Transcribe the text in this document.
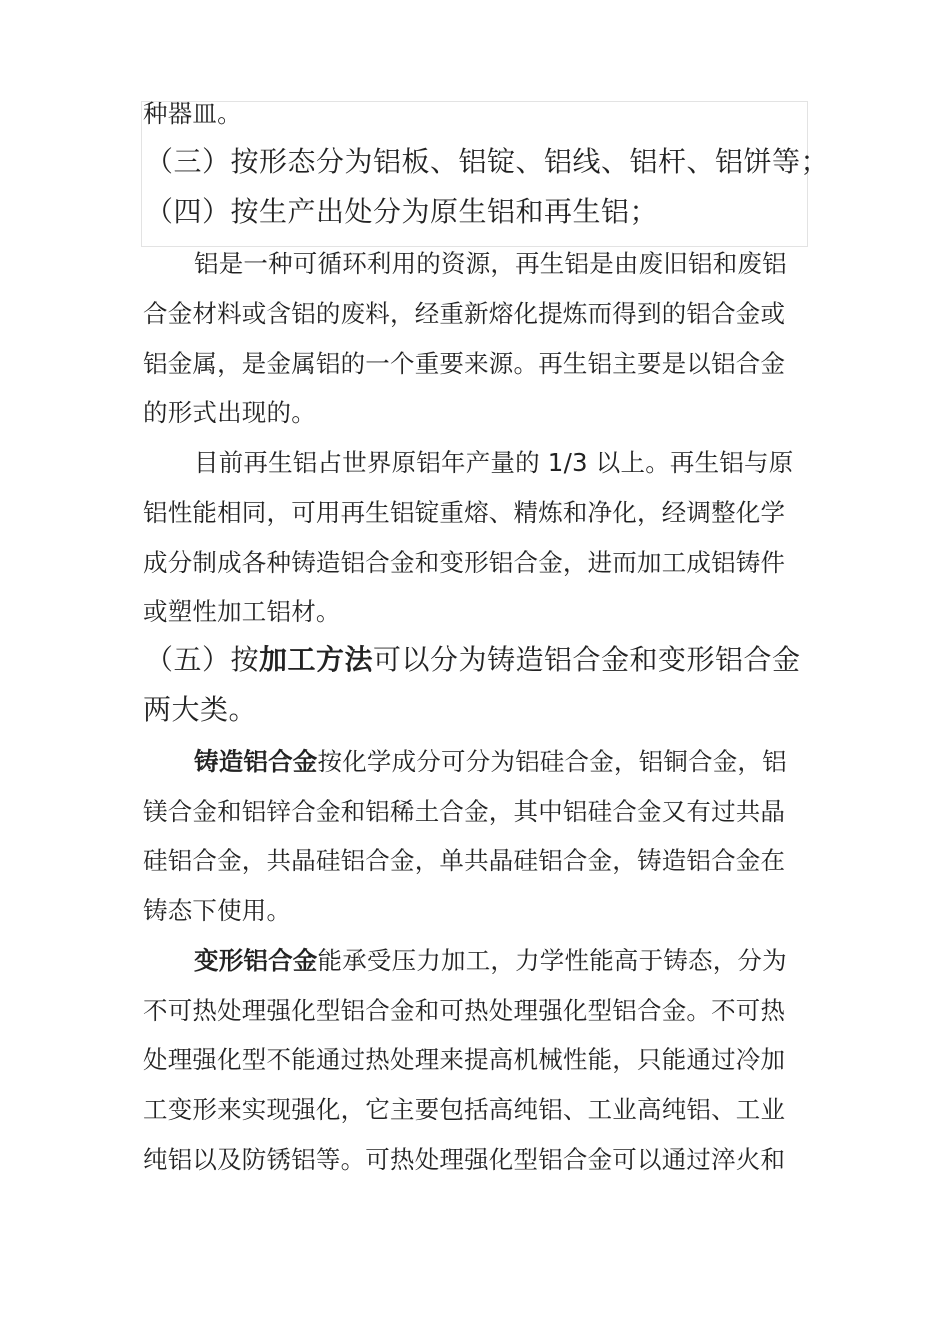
种器皿。

（三）按形态分为铝板、铝锭、铝线、铝杆、铝饼等；

（四）按生产出处分为原生铝和再生铝；

铝是一种可循环利用的资源，再生铝是由废旧铝和废铝

合金材料或含铝的废料，经重新熔化提炼而得到的铝合金或

铝金属，是金属铝的一个重要来源。再生铝主要是以铝合金

的形式出现的。

目前再生铝占世界原铝年产量的 1/3 以上。再生铝与原

铝性能相同，可用再生铝锭重熔、精炼和净化，经调整化学

成分制成各种铸造铝合金和变形铝合金，进而加工成铝铸件

或塑性加工铝材。

（五）按加工方法可以分为铸造铝合金和变形铝合金

两大类。

铸造铝合金按化学成分可分为铝硅合金，铝铜合金，铝

镁合金和铝锌合金和铝稀土合金，其中铝硅合金又有过共晶

硅铝合金，共晶硅铝合金，单共晶硅铝合金，铸造铝合金在

铸态下使用。

变形铝合金能承受压力加工，力学性能高于铸态，分为

不可热处理强化型铝合金和可热处理强化型铝合金。不可热

处理强化型不能通过热处理来提高机械性能，只能通过冷加

工变形来实现强化，它主要包括高纯铝、工业高纯铝、工业

纯铝以及防锈铝等。可热处理强化型铝合金可以通过淬火和
